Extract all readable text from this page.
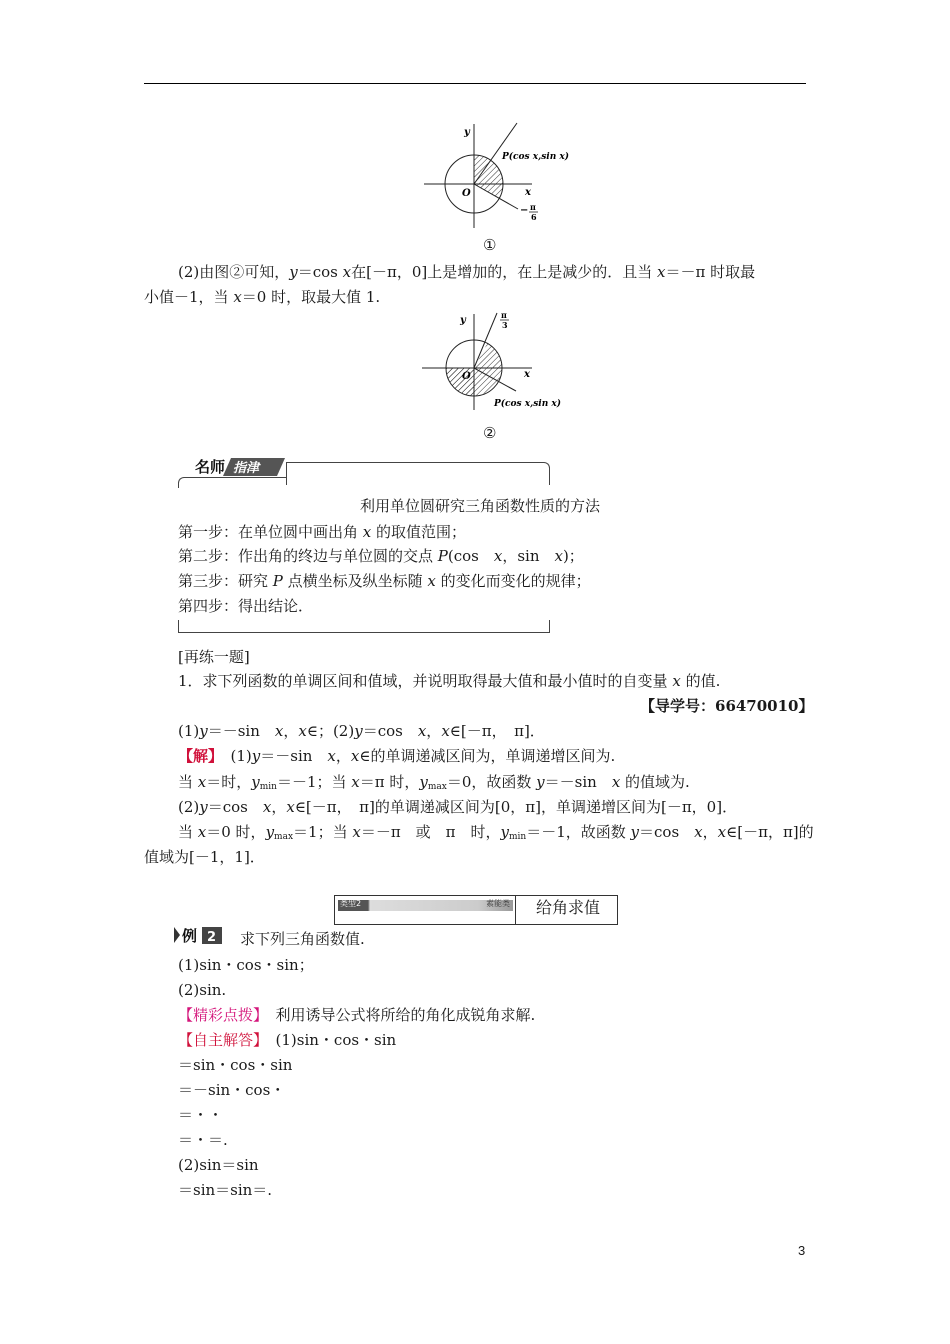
y
x
O
P(cos x,sin x)
− π
6
①
(2)由图②可知，y＝cos x在[－π，0]上是增加的，在上是减少的．且当 x＝－π 时取最
小值－1，当 x＝0 时，取最大值 1.
y
x
O
π
3
P(cos x,sin x)
②
名师 指津
利用单位圆研究三角函数性质的方法
第一步：在单位圆中画出角 x 的取值范围；
第二步：作出角的终边与单位圆的交点 P(cos　x，sin　x)；
第三步：研究 P 点横坐标及纵坐标随 x 的变化而变化的规律；
第四步：得出结论．
[再练一题]
1．求下列函数的单调区间和值域，并说明取得最大值和最小值时的自变量 x 的值.
【导学号：66470010】
(1)y＝－sin　x，x∈；(2)y＝cos　x，x∈[－π，　π]．
【解】　(1)y＝－sin　x，x∈的单调递减区间为，单调递增区间为.
当 x＝时，$y_{min}=-1$；当 x＝π 时，$y_{max}=0$，故函数 y＝－sin　x 的值域为.
(2)y＝cos　x，x∈[－π，　π]的单调递减区间为[0，π]，单调递增区间为[－π，0]．
当 x＝0 时，$y_{max}=1$；当 x＝－π　或　π　时，$y_{min}=-1$，故函数 y＝cos　x，x∈[－π，π]的
值域为[－1，1]．
类型2	素能类 给角求值
例 2 求下列三角函数值.
(1)sin・cos・sin；
(2)sin.
【精彩点拨】　利用诱导公式将所给的角化成锐角求解.
【自主解答】　(1)sin・cos・sin
＝sin・cos・sin
＝－sin・cos・
＝・・
＝・＝.
(2)sin＝sin
＝sin＝sin＝.
3
